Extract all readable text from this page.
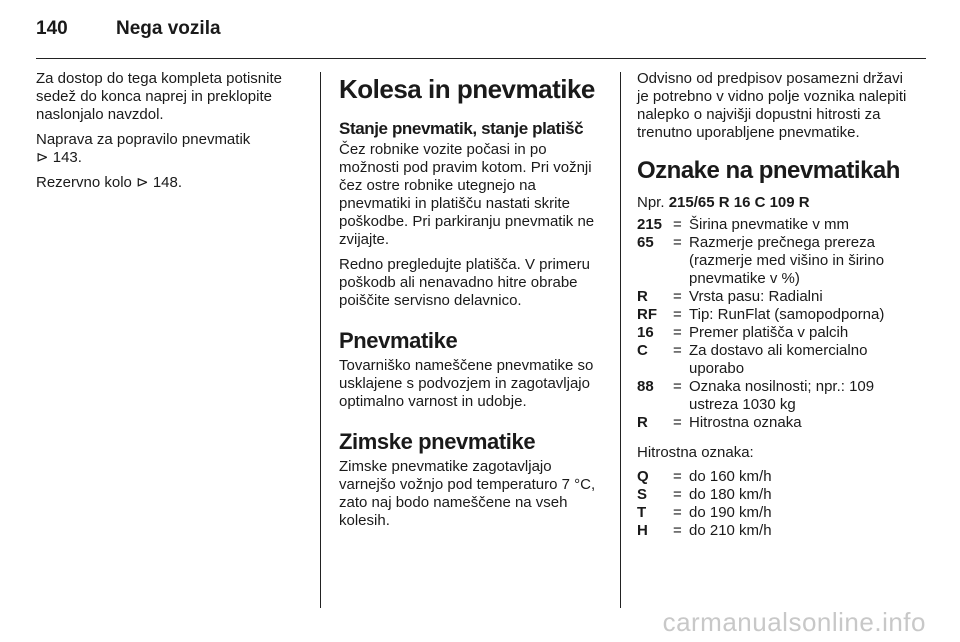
140	Nega vozila

Za dostop do tega kompleta potisnite sedež do konca naprej in preklopite naslonjalo navzdol.

Naprava za popravilo pnevmatik
⊳ 143.

Rezervno kolo ⊳ 148.

Kolesa in pnevmatike
Stanje pnevmatik, stanje platišč

Čez robnike vozite počasi in po možnosti pod pravim kotom. Pri vožnji čez ostre robnike utegnejo na pnevmatiki in platišču nastati skrite poškodbe. Pri parkiranju pnevmatik ne zvijajte.

Redno pregledujte platišča. V primeru poškodb ali nenavadno hitre obrabe poiščite servisno delavnico.

Pnevmatike

Tovarniško nameščene pnevmatike so usklajene s podvozjem in zagotavljajo optimalno varnost in udobje.

Zimske pnevmatike

Zimske pnevmatike zagotavljajo varnejšo vožnjo pod temperaturo 7 °C, zato naj bodo nameščene na vseh kolesih.

Odvisno od predpisov posamezni državi je potrebno v vidno polje voznika nalepiti nalepko o najvišji dopustni hitrosti za trenutno uporabljene pnevmatike.

Oznake na pnevmatikah

Npr. 215/65 R 16 C 109 R

215	=	Širina pnevmatike v mm
65	=	Razmerje prečnega prereza (razmerje med višino in širino pnevmatike v %)
R	=	Vrsta pasu: Radialni
RF	=	Tip: RunFlat (samopodporna)
16	=	Premer platišča v palcih
C	=	Za dostavo ali komercialno uporabo
88	=	Oznaka nosilnosti; npr.: 109 ustreza 1030 kg
R	=	Hitrostna oznaka

Hitrostna oznaka:

Q	=	do 160 km/h
S	=	do 180 km/h
T	=	do 190 km/h
H	=	do 210 km/h
carmanualsonline.info
